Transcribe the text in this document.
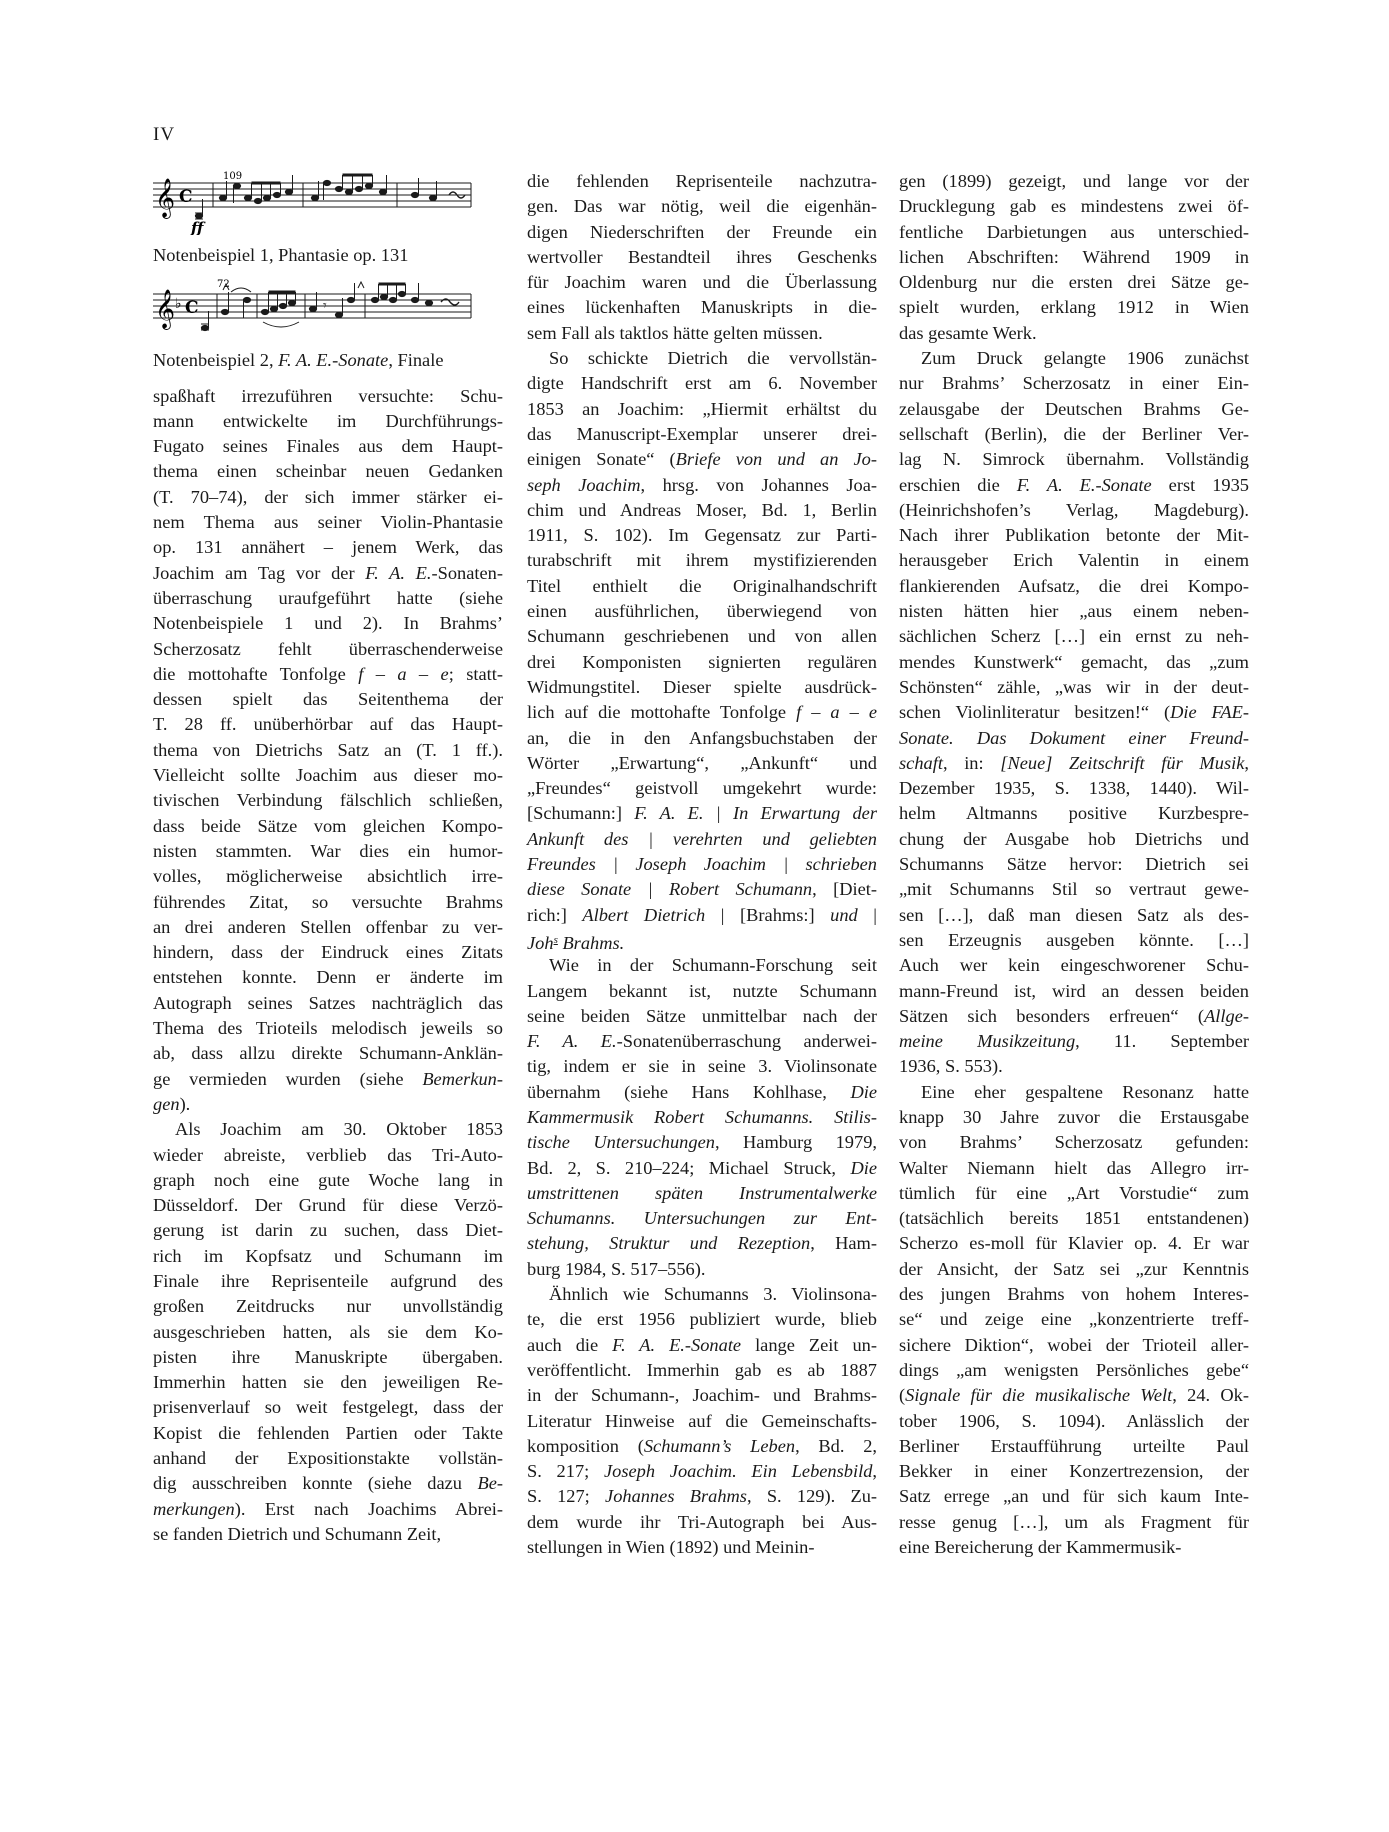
IV
𝄞 C
109
ff
Notenbeispiel 1, Phantasie op. 131
𝄞 ♭ C
72
𝄾
Notenbeispiel 2, F. A. E.-Sonate, Finale
spaßhaft irrezuführen versuchte: Schu-
mann entwickelte im Durchführungs-
Fugato seines Finales aus dem Haupt-
thema einen scheinbar neuen Gedanken
(T. 70–74), der sich immer stärker ei-
nem Thema aus seiner Violin-Phantasie
op. 131 annähert – jenem Werk, das
Joachim am Tag vor der F. A. E.-Sonaten-
überraschung uraufgeführt hatte (siehe
Notenbeispiele 1 und 2). In Brahms’
Scherzosatz fehlt überraschenderweise
die mottohafte Tonfolge f – a – e; statt-
dessen spielt das Seitenthema der
T. 28 ff. unüberhörbar auf das Haupt-
thema von Dietrichs Satz an (T. 1 ff.).
Vielleicht sollte Joachim aus dieser mo-
tivischen Verbindung fälschlich schließen,
dass beide Sätze vom gleichen Kompo-
nisten stammten. War dies ein humor-
volles, möglicherweise absichtlich irre-
führendes Zitat, so versuchte Brahms
an drei anderen Stellen offenbar zu ver-
hindern, dass der Eindruck eines Zitats
entstehen konnte. Denn er änderte im
Autograph seines Satzes nachträglich das
Thema des Trioteils melodisch jeweils so
ab, dass allzu direkte Schumann-Anklän-
ge vermieden wurden (siehe Bemerkun-
gen).
Als Joachim am 30. Oktober 1853
wieder abreiste, verblieb das Tri-Auto-
graph noch eine gute Woche lang in
Düsseldorf. Der Grund für diese Verzö-
gerung ist darin zu suchen, dass Diet-
rich im Kopfsatz und Schumann im
Finale ihre Reprisenteile aufgrund des
großen Zeitdrucks nur unvollständig
ausgeschrieben hatten, als sie dem Ko-
pisten ihre Manuskripte übergaben.
Immerhin hatten sie den jeweiligen Re-
prisenverlauf so weit festgelegt, dass der
Kopist die fehlenden Partien oder Takte
anhand der Expositionstakte vollstän-
dig ausschreiben konnte (siehe dazu Be-
merkungen). Erst nach Joachims Abrei-
se fanden Dietrich und Schumann Zeit,
die fehlenden Reprisenteile nachzutra-
gen. Das war nötig, weil die eigenhän-
digen Niederschriften der Freunde ein
wertvoller Bestandteil ihres Geschenks
für Joachim waren und die Überlassung
eines lückenhaften Manuskripts in die-
sem Fall als taktlos hätte gelten müssen.
So schickte Dietrich die vervollstän-
digte Handschrift erst am 6. November
1853 an Joachim: „Hiermit erhältst du
das Manuscript-Exemplar unserer drei-
einigen Sonate“ (Briefe von und an Jo-
seph Joachim, hrsg. von Johannes Joa-
chim und Andreas Moser, Bd. 1, Berlin
1911, S. 102). Im Gegensatz zur Parti-
turabschrift mit ihrem mystifizierenden
Titel enthielt die Originalhandschrift
einen ausführlichen, überwiegend von
Schumann geschriebenen und von allen
drei Komponisten signierten regulären
Widmungstitel. Dieser spielte ausdrück-
lich auf die mottohafte Tonfolge f – a – e
an, die in den Anfangsbuchstaben der
Wörter „Erwartung“, „Ankunft“ und
„Freundes“ geistvoll umgekehrt wurde:
[Schumann:] F. A. E. | In Erwartung der
Ankunft des | verehrten und geliebten
Freundes | Joseph Joachim | schrieben
diese Sonate | Robert Schumann, [Diet-
rich:] Albert Dietrich | [Brahms:] und |
Joh$^s$ Brahms.
Wie in der Schumann-Forschung seit
Langem bekannt ist, nutzte Schumann
seine beiden Sätze unmittelbar nach der
F. A. E.-Sonatenüberraschung anderwei-
tig, indem er sie in seine 3. Violinsonate
übernahm (siehe Hans Kohlhase, Die
Kammermusik Robert Schumanns. Stilis-
tische Untersuchungen, Hamburg 1979,
Bd. 2, S. 210–224; Michael Struck, Die
umstrittenen späten Instrumentalwerke
Schumanns. Untersuchungen zur Ent-
stehung, Struktur und Rezeption, Ham-
burg 1984, S. 517–556).
Ähnlich wie Schumanns 3. Violinsona-
te, die erst 1956 publiziert wurde, blieb
auch die F. A. E.-Sonate lange Zeit un-
veröffentlicht. Immerhin gab es ab 1887
in der Schumann-, Joachim- und Brahms-
Literatur Hinweise auf die Gemeinschafts-
komposition (Schumann’s Leben, Bd. 2,
S. 217; Joseph Joachim. Ein Lebensbild,
S. 127; Johannes Brahms, S. 129). Zu-
dem wurde ihr Tri-Autograph bei Aus-
stellungen in Wien (1892) und Meinin-
gen (1899) gezeigt, und lange vor der
Drucklegung gab es mindestens zwei öf-
fentliche Darbietungen aus unterschied-
lichen Abschriften: Während 1909 in
Oldenburg nur die ersten drei Sätze ge-
spielt wurden, erklang 1912 in Wien
das gesamte Werk.
Zum Druck gelangte 1906 zunächst
nur Brahms’ Scherzosatz in einer Ein-
zelausgabe der Deutschen Brahms Ge-
sellschaft (Berlin), die der Berliner Ver-
lag N. Simrock übernahm. Vollständig
erschien die F. A. E.-Sonate erst 1935
(Heinrichshofen’s Verlag, Magdeburg).
Nach ihrer Publikation betonte der Mit-
herausgeber Erich Valentin in einem
flankierenden Aufsatz, die drei Kompo-
nisten hätten hier „aus einem neben-
sächlichen Scherz […] ein ernst zu neh-
mendes Kunstwerk“ gemacht, das „zum
Schönsten“ zähle, „was wir in der deut-
schen Violinliteratur besitzen!“ (Die FAE-
Sonate. Das Dokument einer Freund-
schaft, in: [Neue] Zeitschrift für Musik,
Dezember 1935, S. 1338, 1440). Wil-
helm Altmanns positive Kurzbespre-
chung der Ausgabe hob Dietrichs und
Schumanns Sätze hervor: Dietrich sei
„mit Schumanns Stil so vertraut gewe-
sen […], daß man diesen Satz als des-
sen Erzeugnis ausgeben könnte. […]
Auch wer kein eingeschworener Schu-
mann-Freund ist, wird an dessen beiden
Sätzen sich besonders erfreuen“ (Allge-
meine Musikzeitung, 11. September
1936, S. 553).
Eine eher gespaltene Resonanz hatte
knapp 30 Jahre zuvor die Erstausgabe
von Brahms’ Scherzosatz gefunden:
Walter Niemann hielt das Allegro irr-
tümlich für eine „Art Vorstudie“ zum
(tatsächlich bereits 1851 entstandenen)
Scherzo es-moll für Klavier op. 4. Er war
der Ansicht, der Satz sei „zur Kenntnis
des jungen Brahms von hohem Interes-
se“ und zeige eine „konzentrierte treff-
sichere Diktion“, wobei der Trioteil aller-
dings „am wenigsten Persönliches gebe“
(Signale für die musikalische Welt, 24. Ok-
tober 1906, S. 1094). Anlässlich der
Berliner Erstaufführung urteilte Paul
Bekker in einer Konzertrezension, der
Satz errege „an und für sich kaum Inte-
resse genug […], um als Fragment für
eine Bereicherung der Kammermusik-
